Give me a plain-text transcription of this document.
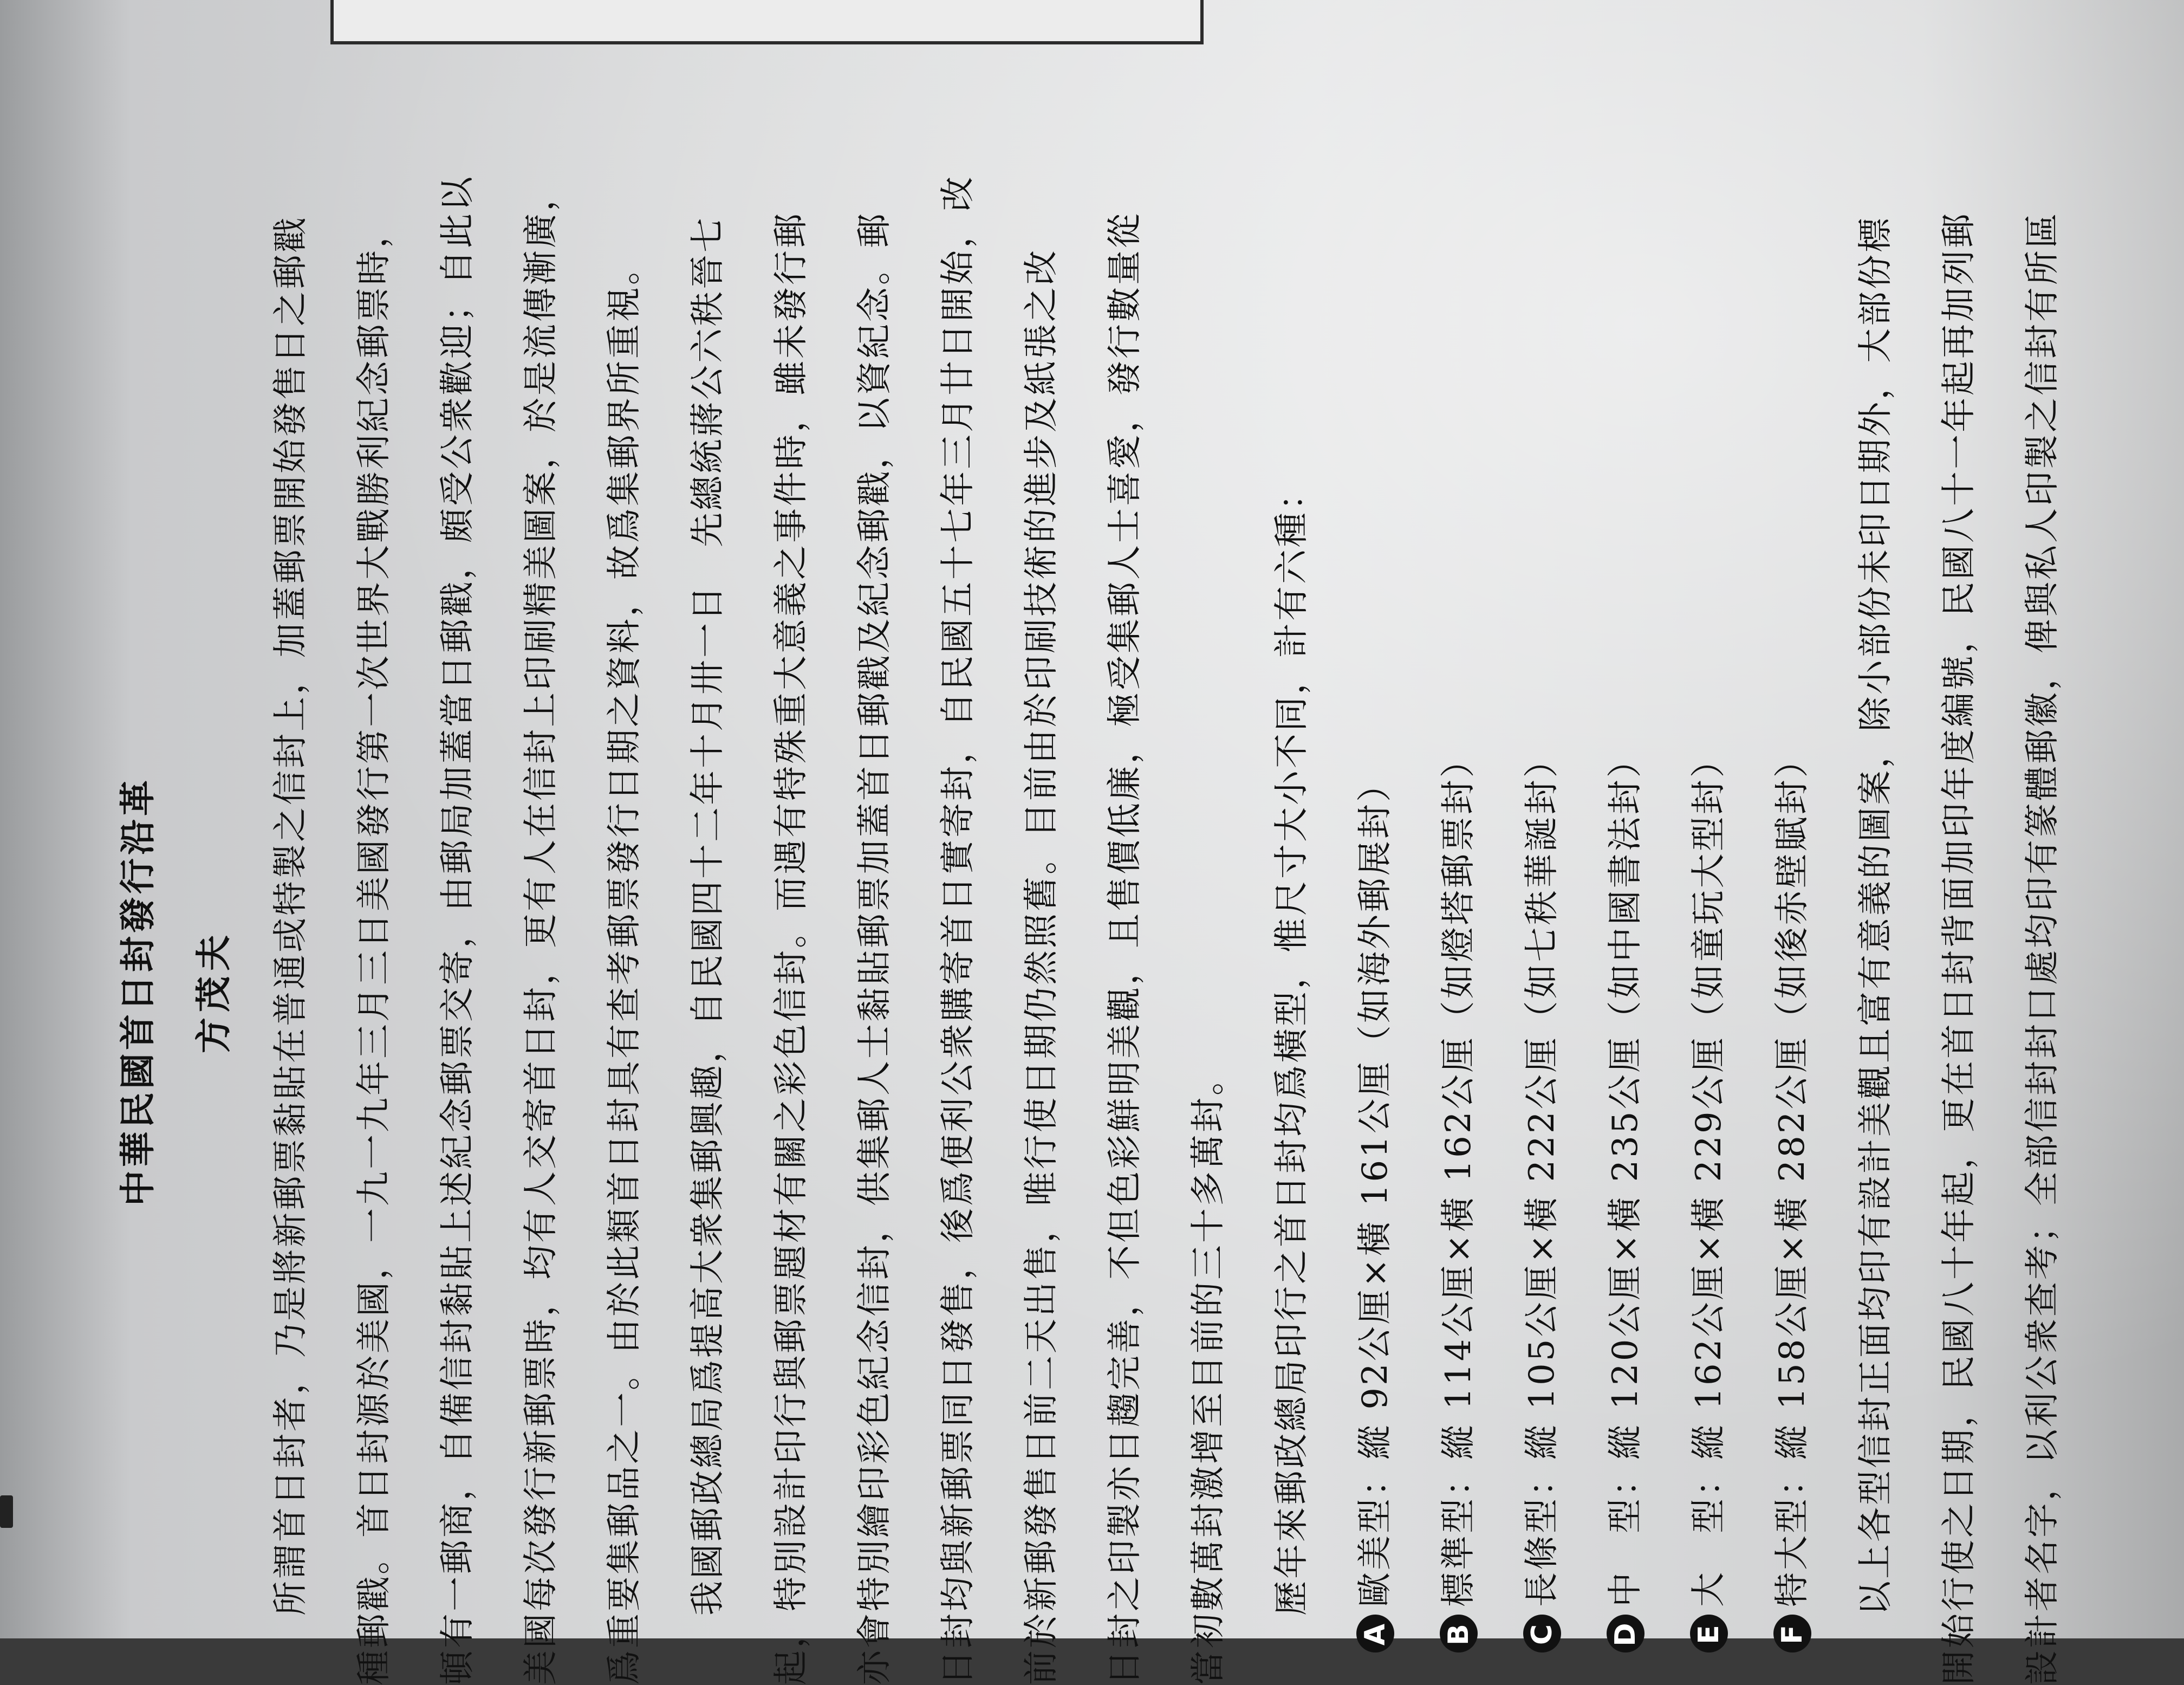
中華民國首日封發行沿革 方茂夫	所謂首日封者，乃是將新郵票黏貼在普通或特製之信封上，加蓋郵票開始發售日之郵戳	種郵戳。首日封源於美國，一九一九年三月三日美國發行第一次世界大戰勝利紀念郵票時，	頓有一郵商，自備信封黏貼上述紀念郵票交寄，由郵局加蓋當日郵戳，頗受公衆歡迎；自此以	美國每次發行新郵票時，均有人交寄首日封，更有人在信封上印刷精美圖案，於是流傳漸廣，	爲重要集郵品之一。由於此類首日封具有查考郵票發行日期之資料，故爲集郵界所重視。	我國郵政總局爲提高大衆集郵興趣，自民國四十二年十月卅一日　先總統蔣公六秩晉七	起，特別設計印行與郵票題材有關之彩色信封。而遇有特殊重大意義之事件時，雖未發行郵	亦會特別繪印彩色紀念信封，供集郵人士黏貼郵票加蓋首日郵戳及紀念郵戳，以資紀念。郵	日封均與新郵票同日發售，後爲便利公衆購寄首日實寄封，自民國五十七年三月廿日開始，改	前於新郵發售日前二天出售，唯行使日期仍然照舊。目前由於印刷技術的進步及紙張之改	日封之印製亦日趨完善，不但色彩鮮明美觀，且售價低廉，極受集郵人士喜愛，發行數量從	當初數萬封激增至目前的三十多萬封。	歷年來郵政總局印行之首日封均爲橫型，惟尺寸大小不同，計有六種：
A
歐美型：縱 92公厘×橫 161公厘（如海外郵展封）
B
標準型：縱 114公厘×橫 162公厘（如燈塔郵票封）
C
長條型：縱 105公厘×橫 222公厘（如七秩華誕封）
D
中　型：縱 120公厘×橫 235公厘（如中國書法封）
E
大　型：縱 162公厘×橫 229公厘（如童玩大型封）
F
特大型：縱 158公厘×橫 282公厘（如後赤壁賦封）	以上各型信封正面均印有設計美觀且富有意義的圖案，除小部份未印日期外，大部份標	開始行使之日期，民國八十年起，更在首日封背面加印年度編號，民國八十一年起再加列郵	設計者名字，以利公衆查考；全部信封封口處均印有篆體郵徽，俾與私人印製之信封有所區
